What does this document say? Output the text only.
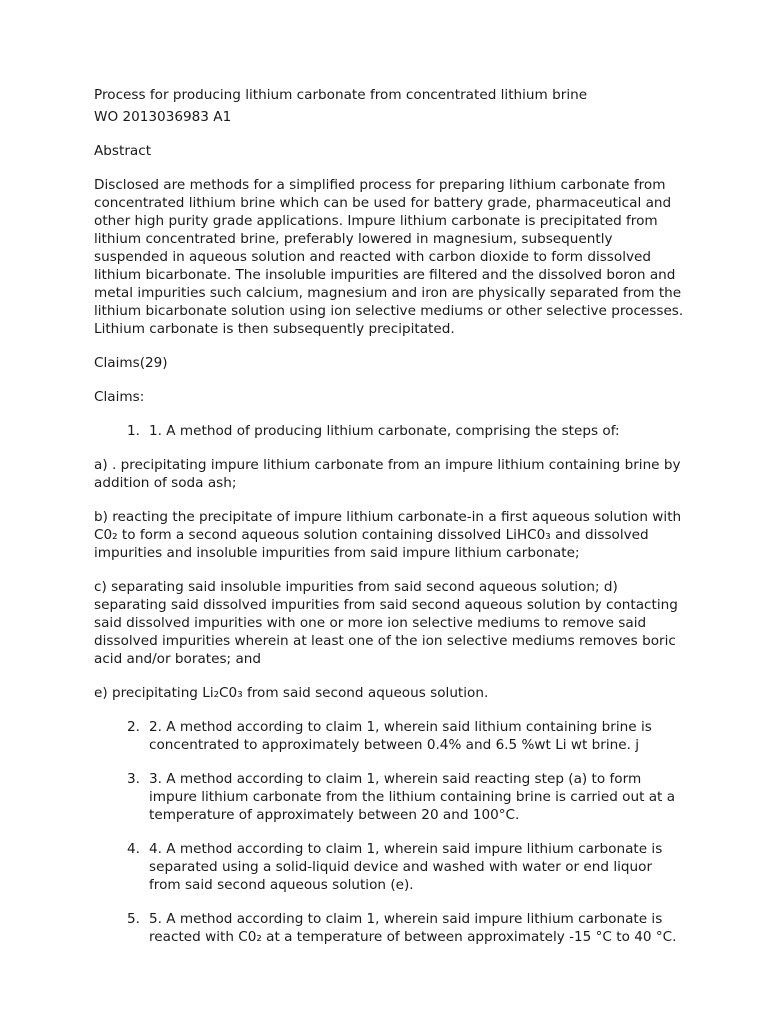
Process for producing lithium carbonate from concentrated lithium brine

WO 2013036983 A1

Abstract

Disclosed are methods for a simplified process for preparing lithium carbonate from concentrated lithium brine which can be used for battery grade, pharmaceutical and other high purity grade applications. Impure lithium carbonate is precipitated from lithium concentrated brine, preferably lowered in magnesium, subsequently suspended in aqueous solution and reacted with carbon dioxide to form dissolved lithium bicarbonate. The insoluble impurities are filtered and the dissolved boron and metal impurities such calcium, magnesium and iron are physically separated from the lithium bicarbonate solution using ion selective mediums or other selective processes. Lithium carbonate is then subsequently precipitated.

Claims(29)

Claims:

1. 1. A method of producing lithium carbonate, comprising the steps of:

a) . precipitating impure lithium carbonate from an impure lithium containing brine by addition of soda ash;

b) reacting the precipitate of impure lithium carbonate-in a first aqueous solution with C0₂ to form a second aqueous solution containing dissolved LiHC0₃ and dissolved impurities and insoluble impurities from said impure lithium carbonate;

c) separating said insoluble impurities from said second aqueous solution; d) separating said dissolved impurities from said second aqueous solution by contacting said dissolved impurities with one or more ion selective mediums to remove said dissolved impurities wherein at least one of the ion selective mediums removes boric acid and/or borates; and

e) precipitating Li₂C0₃ from said second aqueous solution.

2. 2. A method according to claim 1, wherein said lithium containing brine is concentrated to approximately between 0.4% and 6.5 %wt Li wt brine. j
3. 3. A method according to claim 1, wherein said reacting step (a) to form impure lithium carbonate from the lithium containing brine is carried out at a temperature of approximately between 20 and 100°C.
4. 4. A method according to claim 1, wherein said impure lithium carbonate is separated using a solid-liquid device and washed with water or end liquor from said second aqueous solution (e).
5. 5. A method according to claim 1, wherein said impure lithium carbonate is reacted with C0₂ at a temperature of between approximately -15 °C to 40 °C.
